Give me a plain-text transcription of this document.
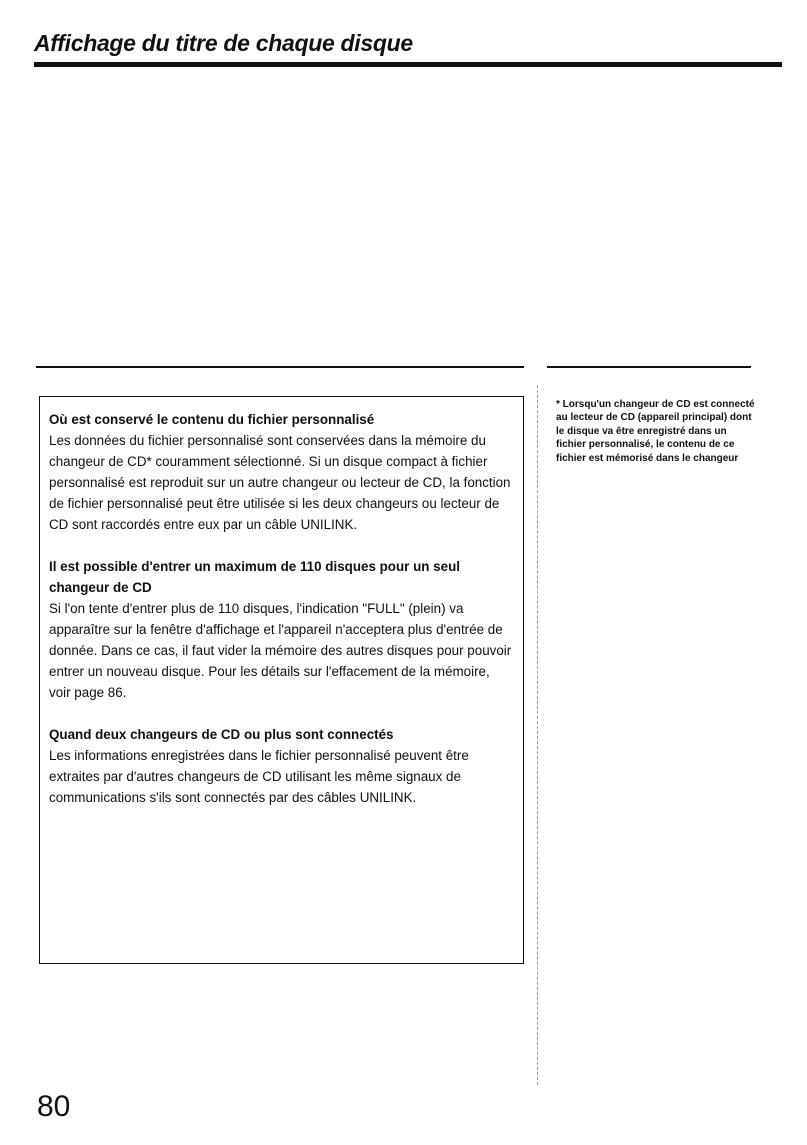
Affichage du titre de chaque disque

Où est conservé le contenu du fichier personnalisé

Les données du fichier personnalisé sont conservées dans la mémoire du changeur de CD* couramment sélectionné. Si un disque compact à fichier personnalisé est reproduit sur un autre changeur ou lecteur de CD, la fonction de fichier personnalisé peut être utilisée si les deux changeurs ou lecteur de CD sont raccordés entre eux par un câble UNILINK.

Il est possible d'entrer un maximum de 110 disques pour un seul changeur de CD

Si l'on tente d'entrer plus de 110 disques, l'indication "FULL" (plein) va apparaître sur la fenêtre d'affichage et l'appareil n'acceptera plus d'entrée de donnée. Dans ce cas, il faut vider la mémoire des autres disques pour pouvoir entrer un nouveau disque. Pour les détails sur l'effacement de la mémoire, voir page 86.

Quand deux changeurs de CD ou plus sont connectés

Les informations enregistrées dans le fichier personnalisé peuvent être extraites par d'autres changeurs de CD utilisant les même signaux de communications s'ils sont connectés par des câbles UNILINK.

* Lorsqu'un changeur de CD est connecté au lecteur de CD (appareil principal) dont le disque va être enregistré dans un fichier personnalisé, le contenu de ce fichier est mémorisé dans le changeur

80
